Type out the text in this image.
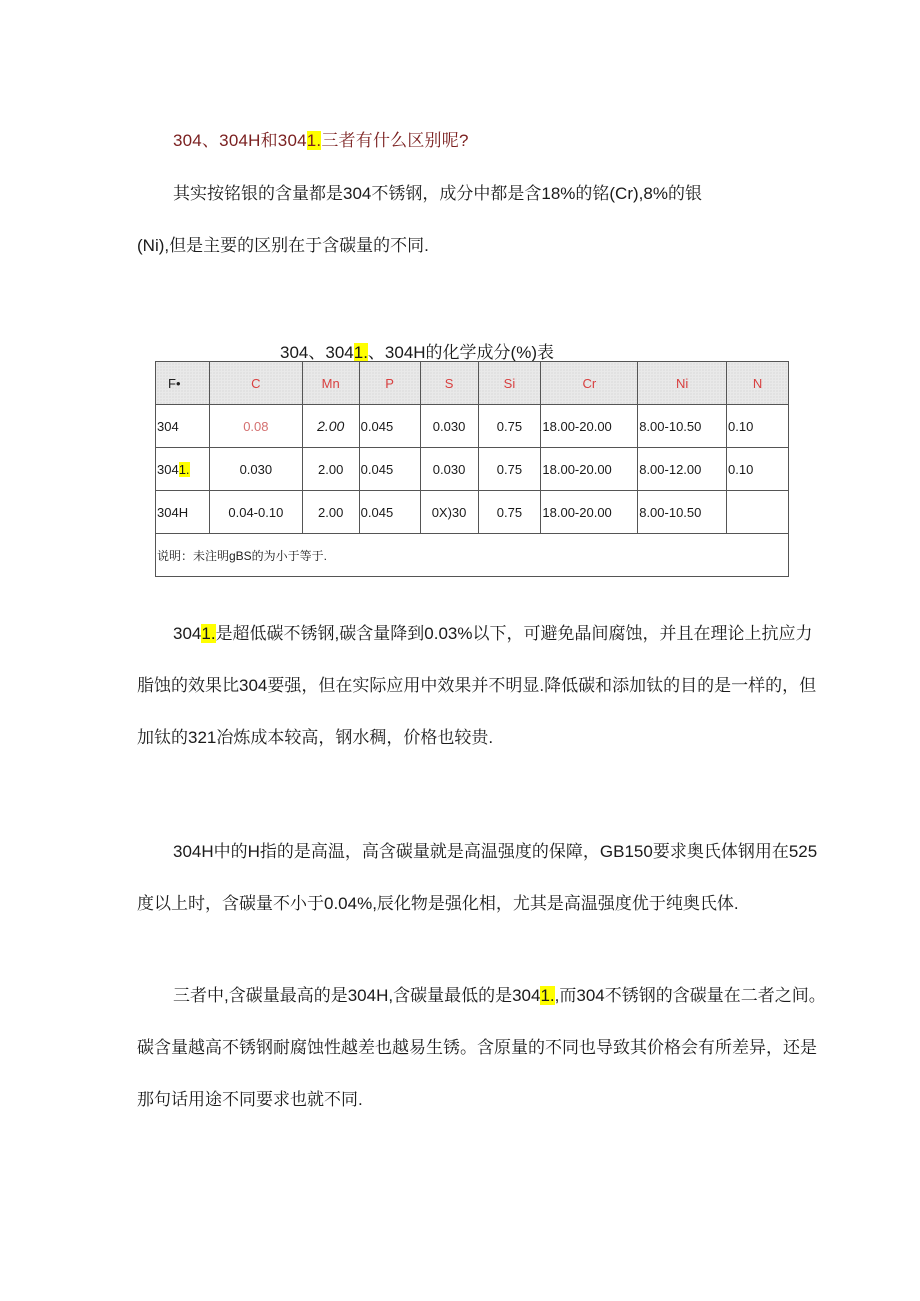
304、304H和3041.三者有什么区别呢?
其实按铭银的含量都是304不锈钢，成分中都是含18%的铭(Cr),8%的银
(Ni),但是主要的区别在于含碳量的不同.
304、3041.、304H的化学成分(%)表
F•	C	Mn	P	S	Si	Cr	Ni	N
304	0.08	2.00	0.045	0.030	0.75	18.00-20.00	8.00-10.50	0.10
3041.	0.030	2.00	0.045	0.030	0.75	18.00-20.00	8.00-12.00	0.10
304H	0.04-0.10	2.00	0.045	0X)30	0.75	18.00-20.00	8.00-10.50	
说明：未注明gBS的为小于等于.								
3041.是超低碳不锈钢,碳含量降到0.03%以下，可避免晶间腐蚀，并且在理论上抗应力脂蚀的效果比304要强，但在实际应用中效果并不明显.降低碳和添加钛的目的是一样的，但加钛的321冶炼成本较高，钢水稠，价格也较贵.
304H中的H指的是高温，高含碳量就是高温强度的保障，GB150要求奥氏体钢用在525度以上时，含碳量不小于0.04%,辰化物是强化相，尤其是高温强度优于纯奥氏体.
三者中,含碳量最高的是304H,含碳量最低的是3041.,而304不锈钢的含碳量在二者之间。碳含量越高不锈钢耐腐蚀性越差也越易生锈。含原量的不同也导致其价格会有所差异，还是那句话用途不同要求也就不同.
